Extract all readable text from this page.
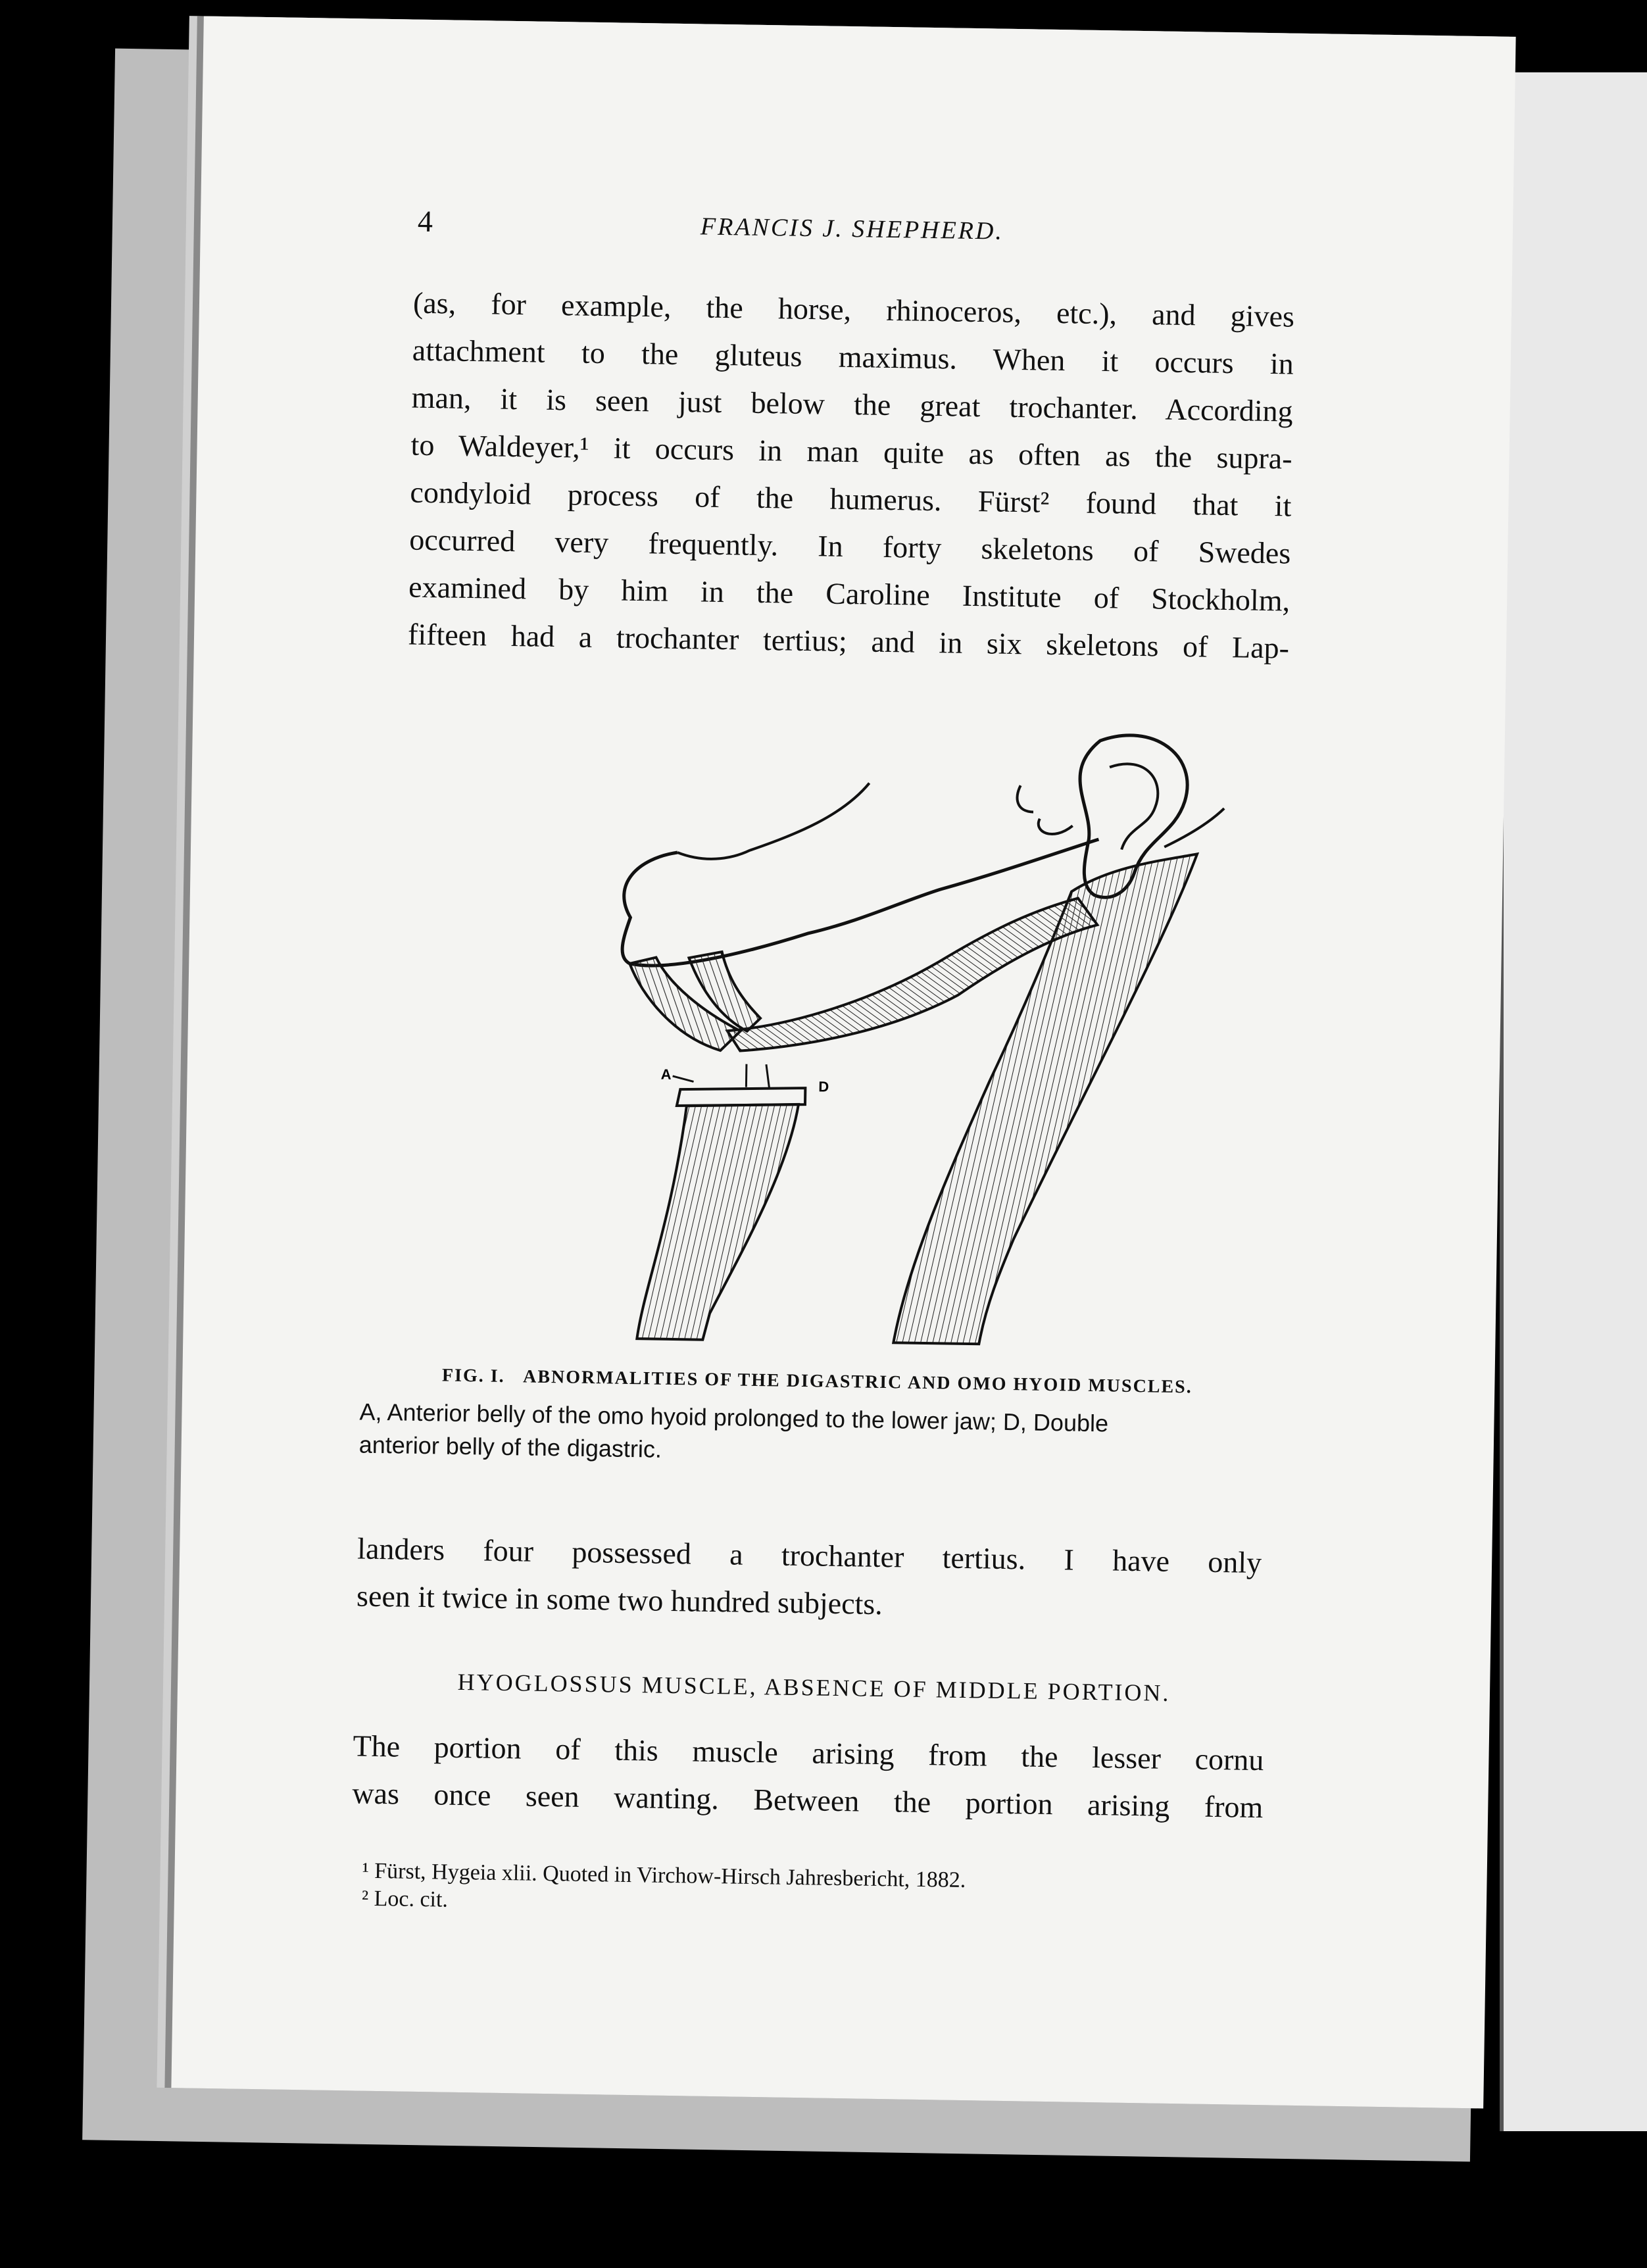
4	FRANCIS J. SHEPHERD.

(as, for example, the horse, rhinoceros, etc.), and gives

attachment to the gluteus maximus. When it occurs in

man, it is seen just below the great trochanter. According

to Waldeyer,¹ it occurs in man quite as often as the supra-

condyloid process of the humerus. Fürst² found that it

occurred very frequently. In forty skeletons of Swedes

examined by him in the Caroline Institute of Stockholm,

fifteen had a trochanter tertius; and in six skeletons of Lap-

A
D

FIG. I. ABNORMALITIES OF THE DIGASTRIC AND OMO HYOID MUSCLES.

A, Anterior belly of the omo hyoid prolonged to the lower jaw; D, Double
anterior belly of the digastric.

landers four possessed a trochanter tertius. I have only

seen it twice in some two hundred subjects.

HYOGLOSSUS MUSCLE, ABSENCE OF MIDDLE PORTION.

The portion of this muscle arising from the lesser cornu

was once seen wanting. Between the portion arising from

¹ Fürst, Hygeia xlii. Quoted in Virchow-Hirsch Jahresbericht, 1882.

² Loc. cit.
